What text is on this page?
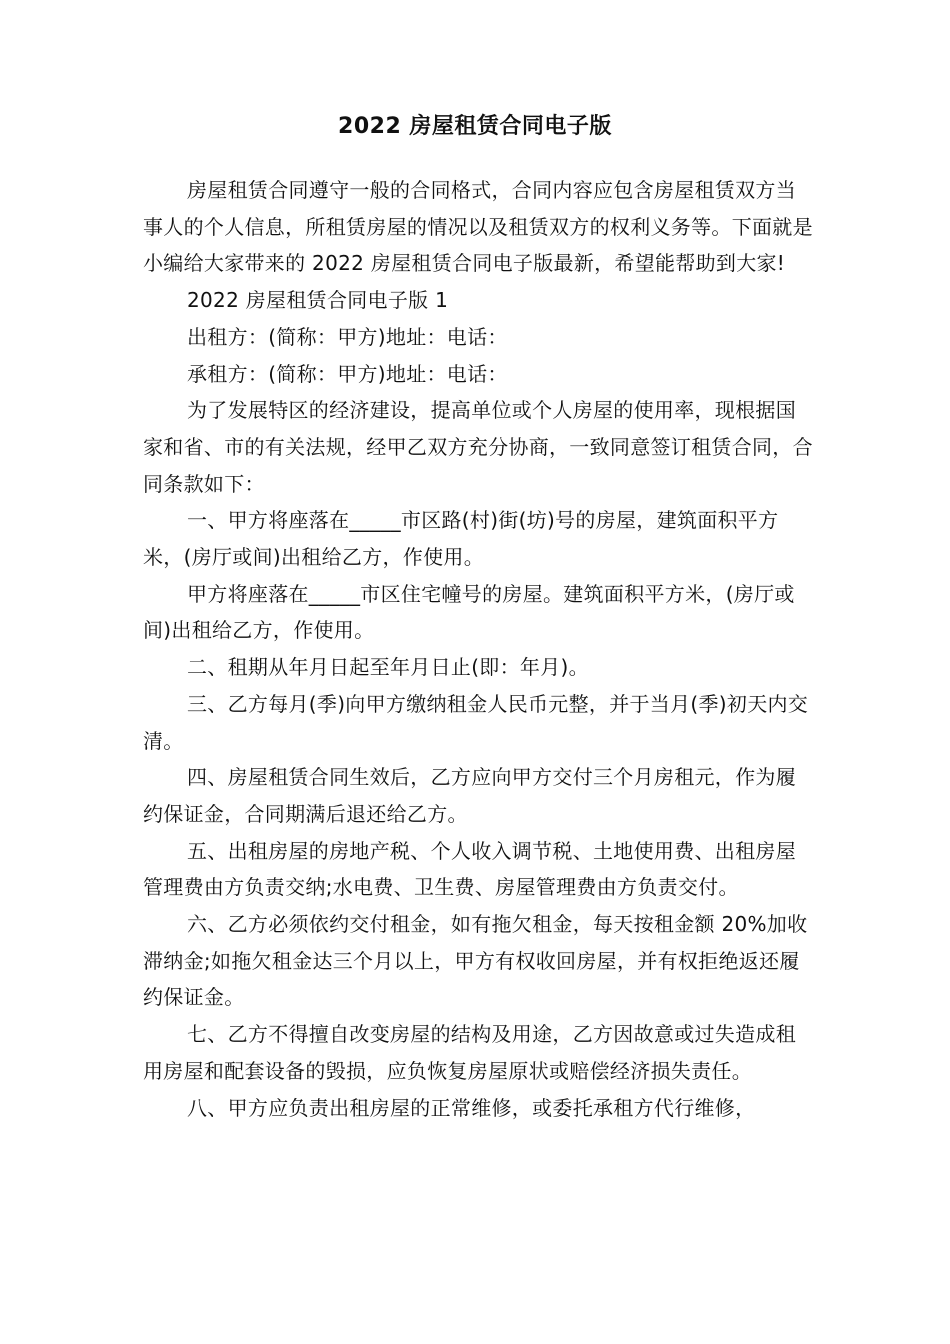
2022 房屋租赁合同电子版

房屋租赁合同遵守一般的合同格式，合同内容应包含房屋租赁双方当事人的个人信息，所租赁房屋的情况以及租赁双方的权利义务等。下面就是小编给大家带来的 2022 房屋租赁合同电子版最新，希望能帮助到大家!

2022 房屋租赁合同电子版 1

出租方：(简称：甲方)地址：电话：

承租方：(简称：甲方)地址：电话：

为了发展特区的经济建设，提高单位或个人房屋的使用率，现根据国家和省、市的有关法规，经甲乙双方充分协商，一致同意签订租赁合同，合同条款如下：

一、甲方将座落在_____市区路(村)街(坊)号的房屋，建筑面积平方米，(房厅或间)出租给乙方，作使用。

甲方将座落在_____市区住宅幢号的房屋。建筑面积平方米，(房厅或间)出租给乙方，作使用。

二、租期从年月日起至年月日止(即：年月)。

三、乙方每月(季)向甲方缴纳租金人民币元整，并于当月(季)初天内交清。

四、房屋租赁合同生效后，乙方应向甲方交付三个月房租元，作为履约保证金，合同期满后退还给乙方。

五、出租房屋的房地产税、个人收入调节税、土地使用费、出租房屋管理费由方负责交纳;水电费、卫生费、房屋管理费由方负责交付。

六、乙方必须依约交付租金，如有拖欠租金，每天按租金额 20%加收滞纳金;如拖欠租金达三个月以上，甲方有权收回房屋，并有权拒绝返还履约保证金。

七、乙方不得擅自改变房屋的结构及用途，乙方因故意或过失造成租用房屋和配套设备的毁损，应负恢复房屋原状或赔偿经济损失责任。

八、甲方应负责出租房屋的正常维修，或委托承租方代行维修，
